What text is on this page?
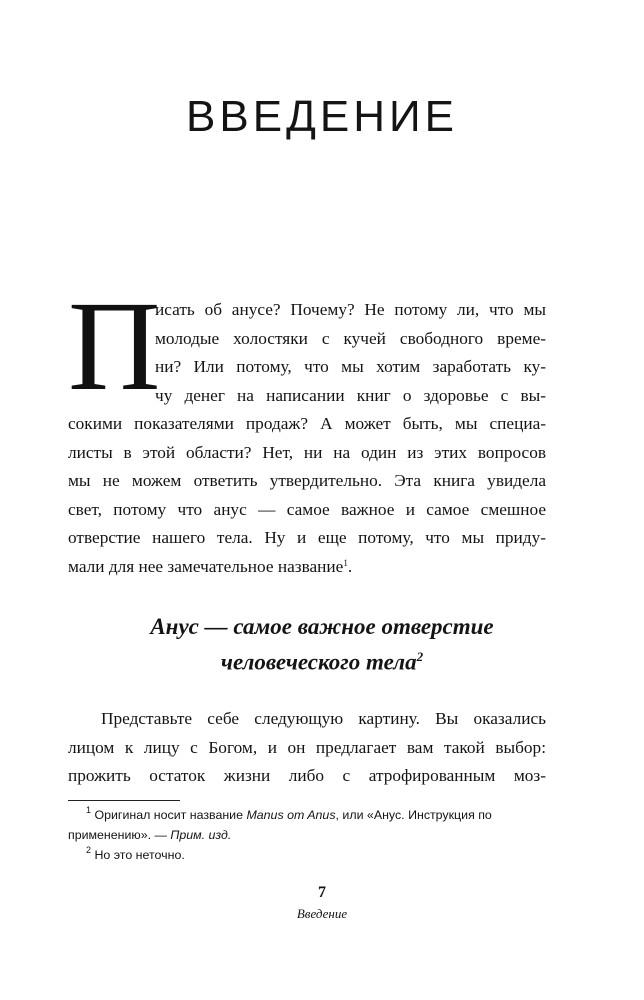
ВВЕДЕНИЕ
П

исать об анусе? Почему? Не потому ли, что мы
молодые холостяки с кучей свободного време-
ни? Или потому, что мы хотим заработать ку-
чу денег на написании книг о здоровье с вы-
сокими показателями продаж? А может быть, мы специа-
листы в этой области? Нет, ни на один из этих вопросов
мы не можем ответить утвердительно. Эта книга увидела
свет, потому что анус — самое важное и самое смешное
отверстие нашего тела. Ну и еще потому, что мы приду-
мали для нее замечательное название$^1$.

Анус — самое важное отверстие
человеческого тела$^2$

Представьте себе следующую картину. Вы оказались
лицом к лицу с Богом, и он предлагает вам такой выбор:
прожить остаток жизни либо с атрофированным моз-

$^1$ Оригинал носит название Manus om Anus, или «Анус. Инструкция по
применению». — Прим. изд.
$^2$ Но это неточно.
7
Введение
